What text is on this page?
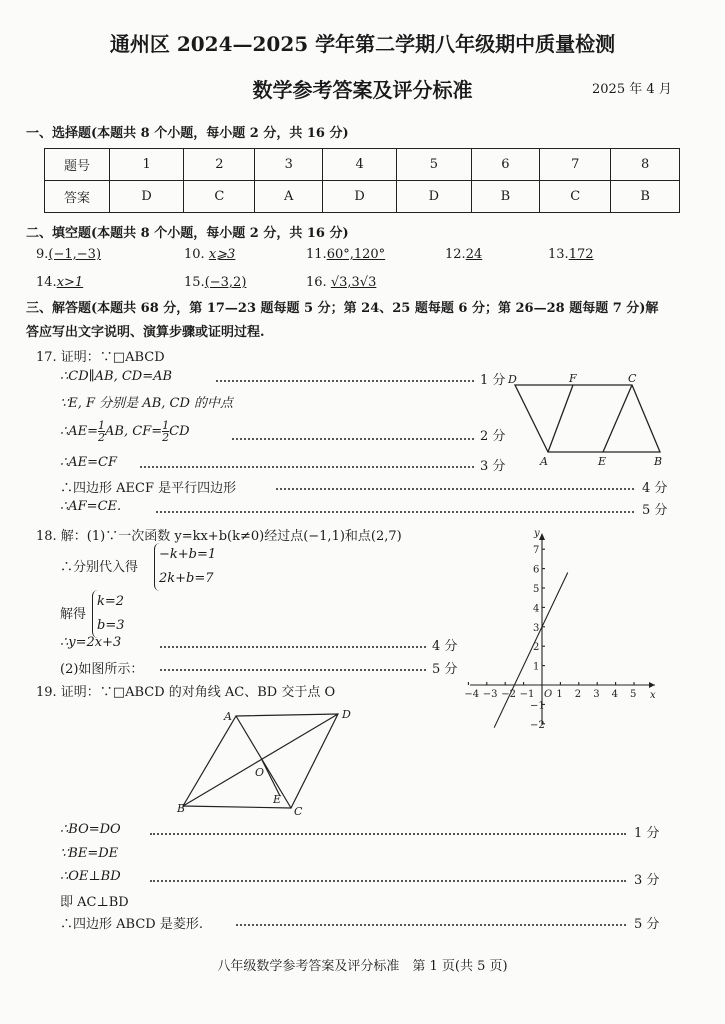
通州区 2024—2025 学年第二学期八年级期中质量检测
数学参考答案及评分标准	2025 年 4 月
一、选择题(本题共 8 个小题，每小题 2 分，共 16 分)
题号	1	2	3	4	5	6	7	8
答案	D	C	A	D	D	B	C	B
二、填空题(本题共 8 个小题，每小题 2 分，共 16 分)
9.(−1,−3)	10. x⩾3	11.60°,120°	12.24	13.172
14.x>1	15.(−3,2)	16. √3,3√3
三、解答题(本题共 68 分，第 17—23 题每题 5 分；第 24、25 题每题 6 分；第 26—28 题每题 7 分)解
答应写出文字说明、演算步骤或证明过程.
17. 证明：∵□ABCD
∴CD∥AB, CD=AB	1 分
∵E, F 分别是 AB, CD 的中点
∴AE= $\frac{1}{2}$ AB, $CF= \frac{1}{2}$ CD	2 分
∴AE=CF	3 分
∴四边形 AECF 是平行四边形	4 分
∴AF=CE.	5 分
18. 解：(1)∵一次函数 y=kx+b(k≠0)经过点(−1,1)和点(2,7)
∴分别代入得
−k+b=1
2k+b=7
解得
k=2
b=3
∴y=2x+3	4 分
(2)如图所示：	5 分
19. 证明：∵□ABCD 的对角线 AC、BD 交于点 O
∴BO=DO	1 分
∵BE=DE
∴OE⊥BD	3 分
即 AC⊥BD
∴四边形 ABCD 是菱形.	5 分
D	F	C
A	E	B
A	D
B	C
O
E
−4 −3 −2 −1 1 2 3 4 5
7
6
5
4
3
2
1
−1
−2
O	x
y
八年级数学参考答案及评分标准　第 1 页(共 5 页)
